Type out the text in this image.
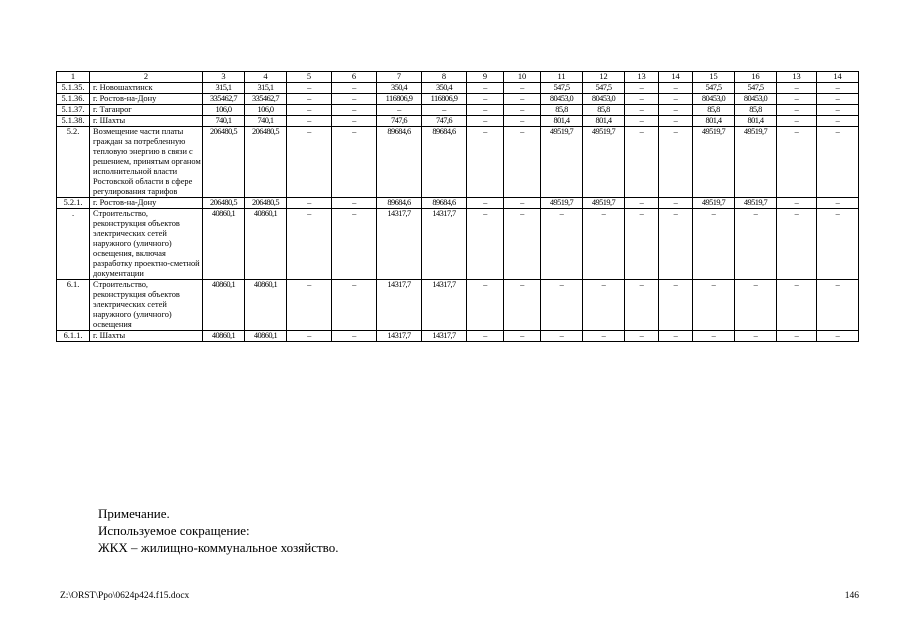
1	2	3	4	5	6	7	8	9	10	11	12	13	14	15	16	13	14
5.1.35.	г. Новошахтинск	315,1	315,1	–	–	350,4	350,4	–	–	547,5	547,5	–	–	547,5	547,5	–	–
5.1.36.	г. Ростов-на-Дону	335462,7	335462,7	–	–	116806,9	116806,9	–	–	80453,0	80453,0	–	–	80453,0	80453,0	–	–
5.1.37.	г. Таганрог	106,0	106,0	–	–	–	–	–	–	85,8	85,8	–	–	85,8	85,8	–	–
5.1.38.	г. Шахты	740,1	740,1	–	–	747,6	747,6	–	–	801,4	801,4	–	–	801,4	801,4	–	–
5.2.	Возмещение части платы граждан за потребленную тепловую энергию в связи с решением, принятым органом исполнительной власти Ростовской области в сфере регулирования тарифов	206480,5	206480,5	–	–	89684,6	89684,6	–	–	49519,7	49519,7	–	–	49519,7	49519,7	–	–
5.2.1.	г. Ростов-на-Дону	206480,5	206480,5	–	–	89684,6	89684,6	–	–	49519,7	49519,7	–	–	49519,7	49519,7	–	–
.	Строительство, реконструкция объектов электрических сетей наружного (уличного) освещения, включая разработку проектно-сметной документации	40860,1	40860,1	–	–	14317,7	14317,7	–	–	–	–	–	–	–	–	–	–
6.1.	Строительство, реконструкция объектов электрических сетей наружного (уличного) освещения	40860,1	40860,1	–	–	14317,7	14317,7	–	–	–	–	–	–	–	–	–	–
6.1.1.	г. Шахты	40860,1	40860,1	–	–	14317,7	14317,7	–	–	–	–	–	–	–	–	–	–
Примечание.
Используемое сокращение:
ЖКХ – жилищно-коммунальное хозяйство.
Z:\ORST\Ppo\0624p424.f15.docx	146
